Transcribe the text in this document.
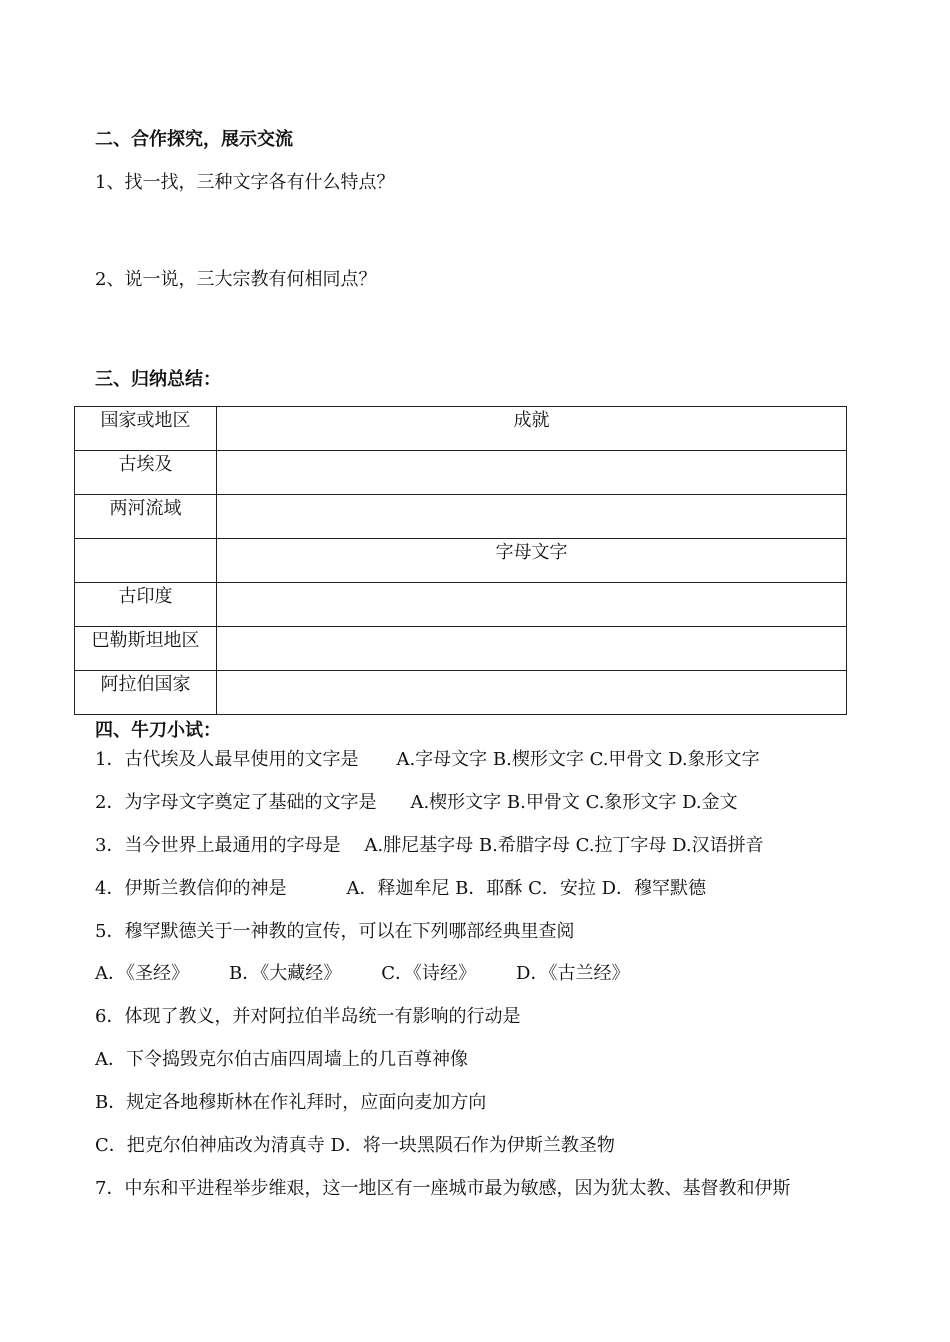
二、合作探究，展示交流
1、找一找，三种文字各有什么特点？
2、说一说，三大宗教有何相同点？
三、归纳总结：
国家或地区	成就
古埃及	
两河流域	
	字母文字
古印度	
巴勒斯坦地区	
阿拉伯国家	
四、牛刀小试：
1．古代埃及人最早使用的文字是 A.字母文字 B.楔形文字 C.甲骨文 D.象形文字
2．为字母文字奠定了基础的文字是 A.楔形文字 B.甲骨文 C.象形文字 D.金文
3．当今世界上最通用的字母是 A.腓尼基字母 B.希腊字母 C.拉丁字母 D.汉语拼音
4．伊斯兰教信仰的神是	A．释迦牟尼 B．耶酥 C．安拉 D．穆罕默德
5．穆罕默德关于一神教的宣传，可以在下列哪部经典里查阅
A．《圣经》 B．《大藏经》 C．《诗经》 D．《古兰经》
6．体现了教义，并对阿拉伯半岛统一有影响的行动是
A．下令捣毁克尔伯古庙四周墙上的几百尊神像
B．规定各地穆斯林在作礼拜时，应面向麦加方向
C．把克尔伯神庙改为清真寺 D．将一块黑陨石作为伊斯兰教圣物
7．中东和平进程举步维艰，这一地区有一座城市最为敏感，因为犹太教、基督教和伊斯
